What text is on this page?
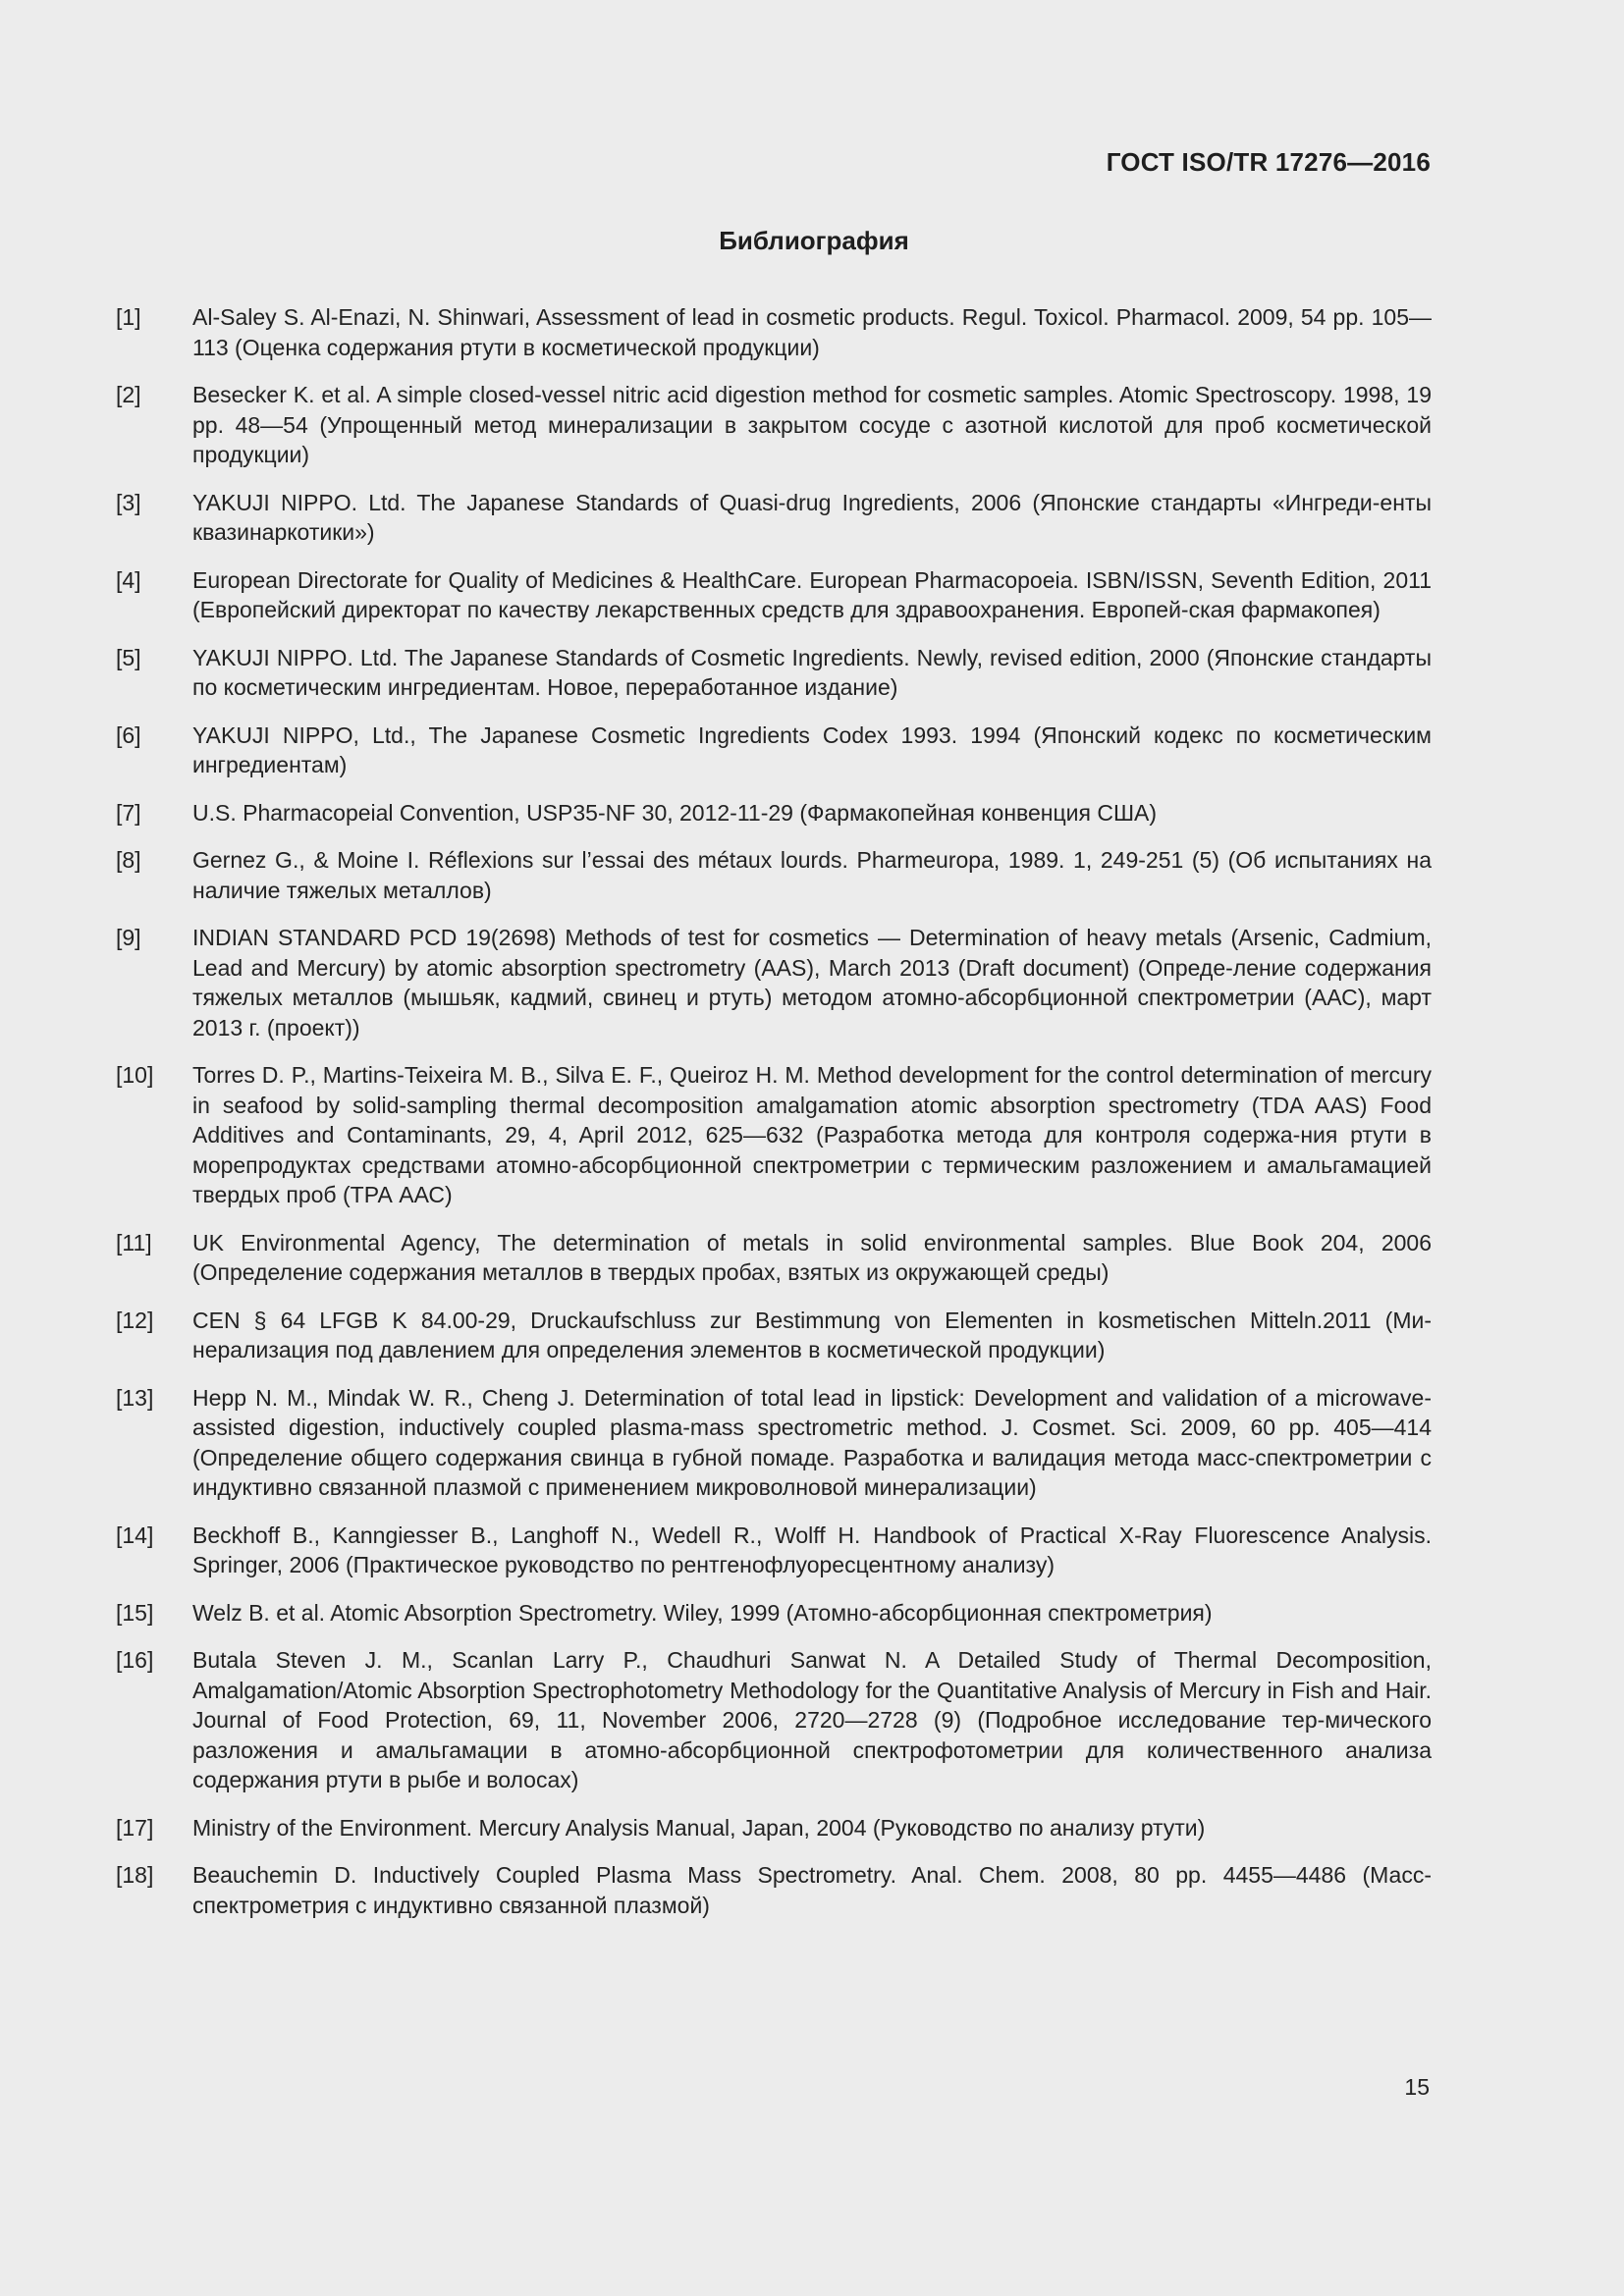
ГОСТ ISO/TR 17276—2016
Библиография
[1]	Al-Saley S. Al-Enazi, N. Shinwari, Assessment of lead in cosmetic products. Regul. Toxicol. Pharmacol. 2009, 54 pp. 105—113 (Оценка содержания ртути в косметической продукции)
[2]	Besecker K. et al. A simple closed-vessel nitric acid digestion method for cosmetic samples. Atomic Spectroscopy. 1998, 19 pp. 48—54 (Упрощенный метод минерализации в закрытом сосуде с азотной кислотой для проб косметической продукции)
[3]	YAKUJI NIPPO. Ltd. The Japanese Standards of Quasi-drug Ingredients, 2006 (Японские стандарты «Ингреди-енты квазинаркотики»)
[4]	European Directorate for Quality of Medicines & HealthCare. European Pharmacopoeia. ISBN/ISSN, Seventh Edition, 2011 (Европейский директорат по качеству лекарственных средств для здравоохранения. Европей-ская фармакопея)
[5]	YAKUJI NIPPO. Ltd. The Japanese Standards of Cosmetic Ingredients. Newly, revised edition, 2000 (Японские стандарты по косметическим ингредиентам. Новое, переработанное издание)
[6]	YAKUJI NIPPO, Ltd., The Japanese Cosmetic Ingredients Codex 1993. 1994 (Японский кодекс по косметическим ингредиентам)
[7]	U.S. Pharmacopeial Convention, USP35-NF 30, 2012-11-29 (Фармакопейная конвенция США)
[8]	Gernez G., & Moine I. Réflexions sur l’essai des métaux lourds. Pharmeuropa, 1989. 1, 249-251 (5) (Об испытаниях на наличие тяжелых металлов)
[9]	INDIAN STANDARD PCD 19(2698) Methods of test for cosmetics — Determination of heavy metals (Arsenic, Cadmium, Lead and Mercury) by atomic absorption spectrometry (AAS), March 2013 (Draft document) (Опреде-ление содержания тяжелых металлов (мышьяк, кадмий, свинец и ртуть) методом атомно-абсорбционной спектрометрии (ААС), март 2013 г. (проект))
[10]	Torres D. P., Martins-Teixeira M. B., Silva E. F., Queiroz H. M. Method development for the control determination of mercury in seafood by solid-sampling thermal decomposition amalgamation atomic absorption spectrometry (TDA AAS) Food Additives and Contaminants, 29, 4, April 2012, 625—632 (Разработка метода для контроля содержа-ния ртути в морепродуктах средствами атомно-абсорбционной спектрометрии с термическим разложением и амальгамацией твердых проб (ТРА ААС)
[11]	UK Environmental Agency, The determination of metals in solid environmental samples. Blue Book 204, 2006 (Определение содержания металлов в твердых пробах, взятых из окружающей среды)
[12]	CEN § 64 LFGB K 84.00-29, Druckaufschluss zur Bestimmung von Elementen in kosmetischen Mitteln.2011 (Ми-нерализация под давлением для определения элементов в косметической продукции)
[13]	Hepp N. M., Mindak W. R., Cheng J. Determination of total lead in lipstick: Development and validation of a microwave-assisted digestion, inductively coupled plasma-mass spectrometric method. J. Cosmet. Sci. 2009, 60 pp. 405—414 (Определение общего содержания свинца в губной помаде. Разработка и валидация метода масс-спектрометрии с индуктивно связанной плазмой с применением микроволновой минерализации)
[14]	Beckhoff B., Kanngiesser B., Langhoff N., Wedell R., Wolff H. Handbook of Practical X-Ray Fluorescence Analysis. Springer, 2006 (Практическое руководство по рентгенофлуоресцентному анализу)
[15]	Welz B. et al. Atomic Absorption Spectrometry. Wiley, 1999 (Атомно-абсорбционная спектрометрия)
[16]	Butala Steven J. M., Scanlan Larry P., Chaudhuri Sanwat N. A Detailed Study of Thermal Decomposition, Amalgamation/Atomic Absorption Spectrophotometry Methodology for the Quantitative Analysis of Mercury in Fish and Hair. Journal of Food Protection, 69, 11, November 2006, 2720—2728 (9) (Подробное исследование тер-мического разложения и амальгамации в атомно-абсорбционной спектрофотометрии для количественного анализа содержания ртути в рыбе и волосах)
[17]	Ministry of the Environment. Mercury Analysis Manual, Japan, 2004 (Руководство по анализу ртути)
[18]	Beauchemin D. Inductively Coupled Plasma Mass Spectrometry. Anal. Chem. 2008, 80 pp. 4455—4486 (Масс-спектрометрия с индуктивно связанной плазмой)
15
